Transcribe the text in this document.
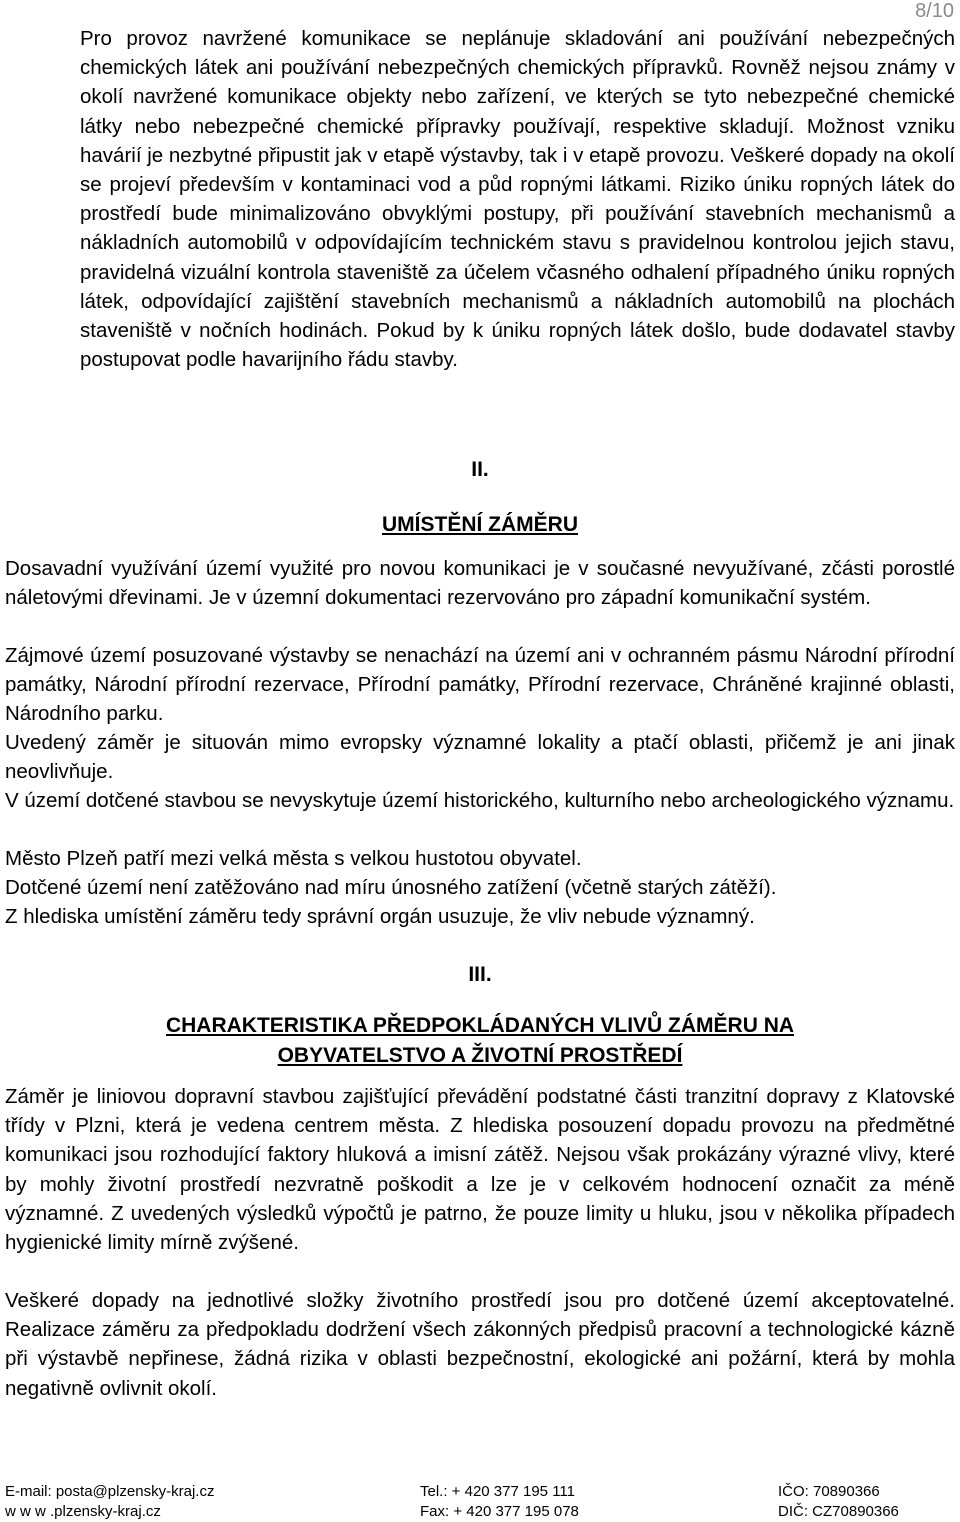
8/10

Pro provoz navržené komunikace se neplánuje skladování ani používání nebezpečných chemických látek ani používání nebezpečných chemických přípravků. Rovněž nejsou známy v okolí navržené komunikace objekty nebo zařízení, ve kterých se tyto nebezpečné chemické látky nebo nebezpečné chemické přípravky používají, respektive skladují. Možnost vzniku havárií je nezbytné připustit jak v etapě výstavby, tak i v etapě provozu. Veškeré dopady na okolí se projeví především v kontaminaci vod a půd ropnými látkami. Riziko úniku ropných látek do prostředí bude minimalizováno obvyklými postupy, při používání stavebních mechanismů a nákladních automobilů v odpovídajícím technickém stavu s pravidelnou kontrolou jejich stavu, pravidelná vizuální kontrola staveniště za účelem včasného odhalení případného úniku ropných látek, odpovídající zajištění stavebních mechanismů a nákladních automobilů na plochách staveniště v nočních hodinách. Pokud by k úniku ropných látek došlo, bude dodavatel stavby postupovat podle havarijního řádu stavby.

II.
UMÍSTĚNÍ ZÁMĚRU

Dosavadní využívání území využité pro novou komunikaci je v současné nevyužívané, zčásti porostlé náletovými dřevinami. Je v územní dokumentaci rezervováno pro západní komunikační systém.

Zájmové území posuzované výstavby se nenachází na území ani v ochranném pásmu Národní přírodní památky, Národní přírodní rezervace, Přírodní památky, Přírodní rezervace, Chráněné krajinné oblasti, Národního parku.

Uvedený záměr je situován mimo evropsky významné lokality a ptačí oblasti, přičemž je ani jinak neovlivňuje.

V území dotčené stavbou se nevyskytuje území historického, kulturního nebo archeologického významu.

Město Plzeň patří mezi velká města s velkou hustotou obyvatel.

Dotčené území není zatěžováno nad míru únosného zatížení (včetně starých zátěží).

Z hlediska umístění záměru tedy správní orgán usuzuje, že vliv nebude významný.

III.
CHARAKTERISTIKA PŘEDPOKLÁDANÝCH VLIVŮ ZÁMĚRU NA
OBYVATELSTVO A ŽIVOTNÍ PROSTŘEDÍ

Záměr je liniovou dopravní stavbou zajišťující převádění podstatné části tranzitní dopravy z Klatovské třídy v Plzni, která je vedena centrem města. Z hlediska posouzení dopadu provozu na předmětné komunikaci jsou rozhodující faktory hluková a imisní zátěž. Nejsou však prokázány výrazné vlivy, které by mohly životní prostředí nezvratně poškodit a lze je v celkovém hodnocení označit za méně významné. Z uvedených výsledků výpočtů je patrno, že pouze limity u hluku, jsou v několika případech hygienické limity mírně zvýšené.

Veškeré dopady na jednotlivé složky životního prostředí jsou pro dotčené území akceptovatelné. Realizace záměru za předpokladu dodržení všech zákonných předpisů pracovní a technologické kázně při výstavbě nepřinese, žádná rizika v oblasti bezpečnostní, ekologické ani požární, která by mohla negativně ovlivnit okolí.

E-mail: posta@plzensky-kraj.cz
w w w .plzensky-kraj.cz
Tel.: + 420 377 195 111
Fax: + 420 377 195 078
IČO: 70890366
DIČ: CZ70890366
